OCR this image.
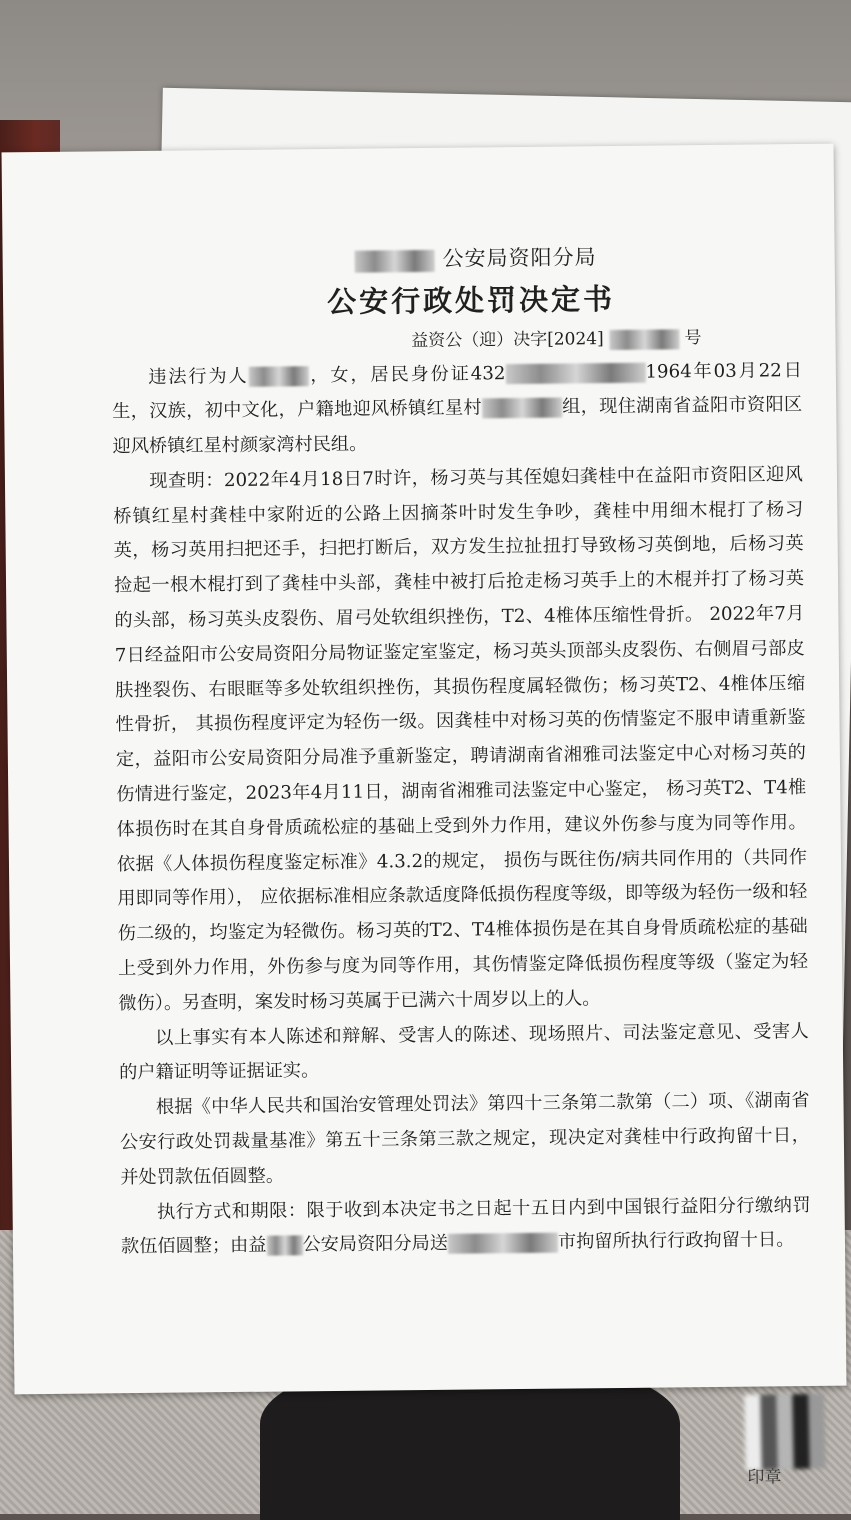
公安局资阳分局
公安行政处罚决定书
益资公（迎）决字[2024]	号

违法行为人	，女，居民身份证432	1964年03月22日生，汉族，初中文化，户籍地迎风桥镇红星村	组，现住湖南省益阳市资阳区迎风桥镇红星村颜家湾村民组。

现查明：2022年4月18日7时许，杨习英与其侄媳妇龚桂中在益阳市资阳区迎风桥镇红星村龚桂中家附近的公路上因摘茶叶时发生争吵，龚桂中用细木棍打了杨习英，杨习英用扫把还手，扫把打断后，双方发生拉扯扭打导致杨习英倒地，后杨习英捡起一根木棍打到了龚桂中头部，龚桂中被打后抢走杨习英手上的木棍并打了杨习英的头部，杨习英头皮裂伤、眉弓处软组织挫伤，T2、4椎体压缩性骨折。 2022年7月7日经益阳市公安局资阳分局物证鉴定室鉴定，杨习英头顶部头皮裂伤、右侧眉弓部皮肤挫裂伤、右眼眶等多处软组织挫伤，其损伤程度属轻微伤；杨习英T2、4椎体压缩性骨折， 其损伤程度评定为轻伤一级。因龚桂中对杨习英的伤情鉴定不服申请重新鉴定，益阳市公安局资阳分局准予重新鉴定，聘请湖南省湘雅司法鉴定中心对杨习英的伤情进行鉴定，2023年4月11日，湖南省湘雅司法鉴定中心鉴定， 杨习英T2、T4椎体损伤时在其自身骨质疏松症的基础上受到外力作用，建议外伤参与度为同等作用。依据《人体损伤程度鉴定标准》4.3.2的规定， 损伤与既往伤/病共同作用的（共同作用即同等作用）， 应依据标准相应条款适度降低损伤程度等级，即等级为轻伤一级和轻伤二级的，均鉴定为轻微伤。杨习英的T2、T4椎体损伤是在其自身骨质疏松症的基础上受到外力作用，外伤参与度为同等作用，其伤情鉴定降低损伤程度等级（鉴定为轻微伤）。另查明，案发时杨习英属于已满六十周岁以上的人。

以上事实有本人陈述和辩解、受害人的陈述、现场照片、司法鉴定意见、受害人的户籍证明等证据证实。

根据《中华人民共和国治安管理处罚法》第四十三条第二款第（二）项、《湖南省公安行政处罚裁量基准》第五十三条第三款之规定，现决定对龚桂中行政拘留十日，并处罚款伍佰圆整。

执行方式和期限：限于收到本决定书之日起十五日内到中国银行益阳分行缴纳罚款伍佰圆整；由益 公安局资阳分局送	市拘留所执行行政拘留十日。

印章
